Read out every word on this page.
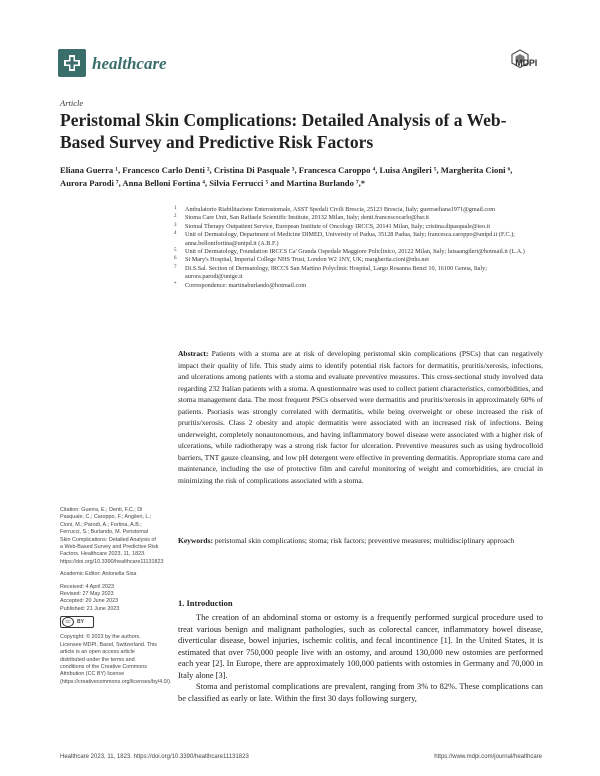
healthcare	MDPI
Article
Peristomal Skin Complications: Detailed Analysis of a Web-Based Survey and Predictive Risk Factors
Eliana Guerra ¹, Francesco Carlo Denti ², Cristina Di Pasquale ³, Francesca Caroppo ⁴, Luisa Angileri ⁵, Margherita Cioni ⁶, Aurora Parodi ⁷, Anna Belloni Fortina ⁴, Silvia Ferrucci ⁵ and Martina Burlando ⁷,*
1 Ambulatorio Riabilitazione Enterostomale, ASST Spedali Civili Brescia, 25123 Brescia, Italy; guerraeliana1971@gmail.com
2 Stoma Care Unit, San Raffaele Scientific Institute, 20132 Milan, Italy; denti.francescocarlo@hsr.it
3 Stomal Therapy Outpatient Service, European Institute of Oncology IRCCS, 20141 Milan, Italy; cristina.dipasquale@ieo.it
4 Unit of Dermatology, Department of Medicine DIMED, University of Padua, 35128 Padua, Italy; francesca.caroppo@unipd.it (F.C.); anna.bellonifortina@unipd.it (A.B.F.)
5 Unit of Dermatology, Foundation IRCCS Ca' Granda Ospedale Maggiore Policlinico, 20122 Milan, Italy; luisaangileri@hotmail.it (L.A.)
6 St Mary's Hospital, Imperial College NHS Trust, London W2 1NY, UK; margherita.cioni@nhs.net
7 Di.S.Sal. Section of Dermatology, IRCCS San Martino Polyclinic Hospital, Largo Rosanna Benzi 10, 16100 Genoa, Italy; aurora.parodi@unige.it
* Correspondence: martinaburlando@hotmail.com
Abstract: Patients with a stoma are at risk of developing peristomal skin complications (PSCs) that can negatively impact their quality of life. This study aims to identify potential risk factors for dermatitis, pruritis/xerosis, infections, and ulcerations among patients with a stoma and evaluate preventive measures. This cross-sectional study involved data regarding 232 Italian patients with a stoma. A questionnaire was used to collect patient characteristics, comorbidities, and stoma management data. The most frequent PSCs observed were dermatitis and pruritis/xerosis in approximately 60% of patients. Psoriasis was strongly correlated with dermatitis, while being overweight or obese increased the risk of pruritis/xerosis. Class 2 obesity and atopic dermatitis were associated with an increased risk of infections. Being underweight, completely nonautonomous, and having inflammatory bowel disease were associated with a higher risk of ulcerations, while radiotherapy was a strong risk factor for ulceration. Preventive measures such as using hydrocolloid barriers, TNT gauze cleansing, and low pH detergent were effective in preventing dermatitis. Appropriate stoma care and maintenance, including the use of protective film and careful monitoring of weight and comorbidities, are crucial in minimizing the risk of complications associated with a stoma.
Keywords: peristomal skin complications; stoma; risk factors; preventive measures; multidisciplinary approach
Citation: Guerra, E.; Denti, F.C.; Di Pasquale, C.; Caroppo, F.; Angileri, L.; Cioni, M.; Parodi, A.; Fortina, A.B.; Ferrucci, S.; Burlando, M. Peristomal Skin Complications: Detailed Analysis of a Web-Based Survey and Predictive Risk Factors. Healthcare 2023, 11, 1823. https://doi.org/10.3390/healthcare11131823
Academic Editor: Antonella Sisa
Received: 4 April 2023
Revised: 27 May 2023
Accepted: 20 June 2023
Published: 21 June 2023
cc	BY
Copyright: © 2023 by the authors. Licensee MDPI, Basel, Switzerland. This article is an open access article distributed under the terms and conditions of the Creative Commons Attribution (CC BY) license (https://creativecommons.org/licenses/by/4.0/).
1. Introduction

The creation of an abdominal stoma or ostomy is a frequently performed surgical procedure used to treat various benign and malignant pathologies, such as colorectal cancer, inflammatory bowel disease, diverticular disease, bowel injuries, ischemic colitis, and fecal incontinence [1]. In the United States, it is estimated that over 750,000 people live with an ostomy, and around 130,000 new ostomies are performed each year [2]. In Europe, there are approximately 100,000 patients with ostomies in Germany and 70,000 in Italy alone [3].

Stoma and peristomal complications are prevalent, ranging from 3% to 82%. These complications can be classified as early or late. Within the first 30 days following surgery,

Healthcare 2023, 11, 1823. https://doi.org/10.3390/healthcare11131823	https://www.mdpi.com/journal/healthcare
